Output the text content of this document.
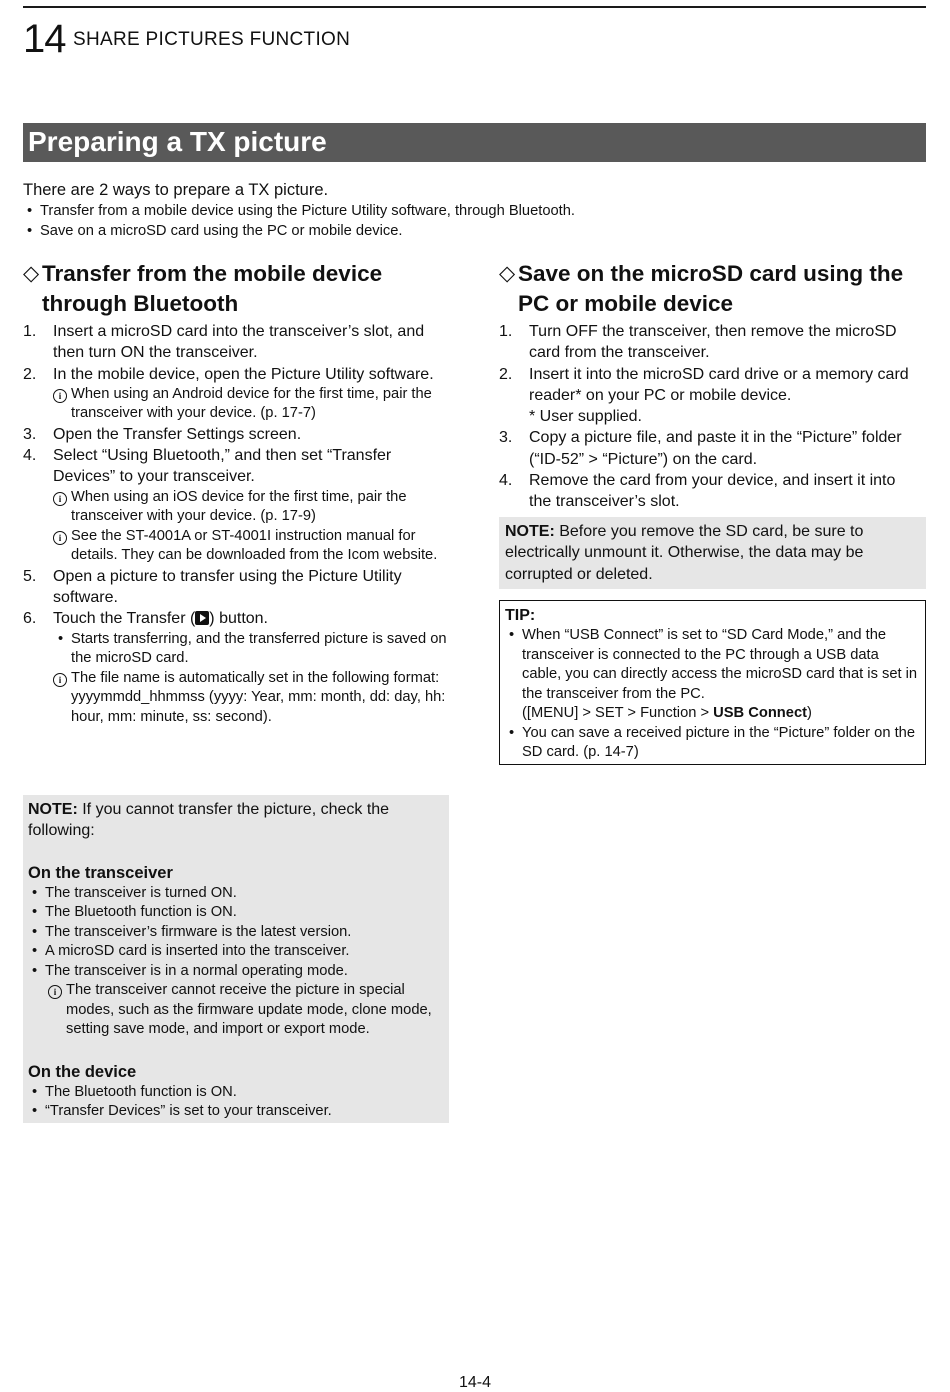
14 SHARE PICTURES FUNCTION
Preparing a TX picture
There are 2 ways to prepare a TX picture.
• Transfer from a mobile device using the Picture Utility software, through Bluetooth.
• Save on a microSD card using the PC or mobile device.
◇ Transfer from the mobile device
through Bluetooth
1. Insert a microSD card into the transceiver’s slot, and then turn ON the transceiver.
2. In the mobile device, open the Picture Utility software.
i When using an Android device for the first time, pair the transceiver with your device. (p. 17-7)
3. Open the Transfer Settings screen.
4. Select “Using Bluetooth,” and then set “Transfer Devices” to your transceiver.
i When using an iOS device for the first time, pair the transceiver with your device. (p. 17-9)
i See the ST-4001A or ST-4001I instruction manual for details. They can be downloaded from the Icom website.
5. Open a picture to transfer using the Picture Utility software.
6. Touch the Transfer ( ) button.
• Starts transferring, and the transferred picture is saved on the microSD card.
i The file name is automatically set in the following format: yyyymmdd_hhmmss (yyyy: Year, mm: month, dd: day, hh: hour, mm: minute, ss: second).
◇ Save on the microSD card using the
PC or mobile device
1. Turn OFF the transceiver, then remove the microSD card from the transceiver.
2. Insert it into the microSD card drive or a memory card reader* on your PC or mobile device.
* User supplied.
3. Copy a picture file, and paste it in the “Picture” folder (“ID-52” > “Picture”) on the card.
4. Remove the card from your device, and insert it into the transceiver’s slot.
NOTE: Before you remove the SD card, be sure to electrically unmount it. Otherwise, the data may be corrupted or deleted.
TIP:
• When “USB Connect” is set to “SD Card Mode,” and the transceiver is connected to the PC through a USB data cable, you can directly access the microSD card that is set in the transceiver from the PC.
([MENU] > SET > Function > USB Connect)
• You can save a received picture in the “Picture” folder on the SD card. (p. 14-7)
NOTE: If you cannot transfer the picture, check the following:
On the transceiver
• The transceiver is turned ON.
• The Bluetooth function is ON.
• The transceiver’s firmware is the latest version.
• A microSD card is inserted into the transceiver.
• The transceiver is in a normal operating mode.
i The transceiver cannot receive the picture in special modes, such as the firmware update mode, clone mode, setting save mode, and import or export mode.
On the device
• The Bluetooth function is ON.
• “Transfer Devices” is set to your transceiver.
14-4
